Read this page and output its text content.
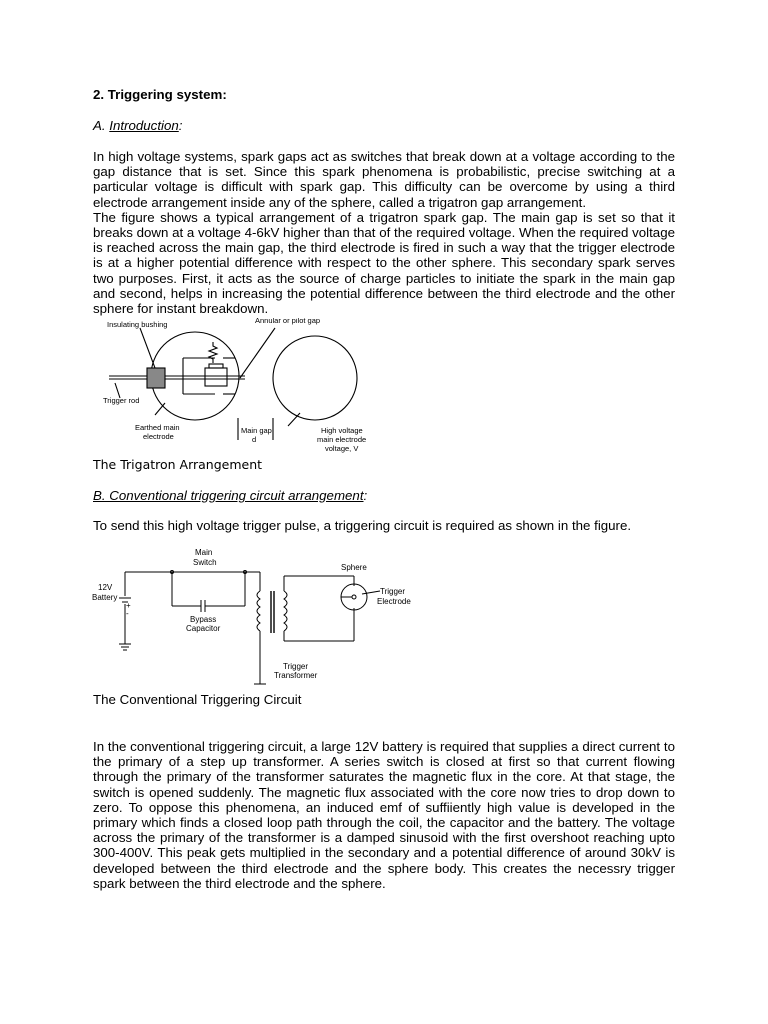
2. Triggering system:
A. Introduction:

In high voltage systems, spark gaps act as switches that break down at a voltage according to the gap distance that is set. Since this spark phenomena is probabilistic, precise switching at a particular voltage is difficult with spark gap. This difficulty can be overcome by using a third electrode arrangement inside any of the sphere, called a trigatron gap arrangement.

The figure shows a typical arrangement of a trigatron spark gap. The main gap is set so that it breaks down at a voltage 4-6kV higher than that of the required voltage. When the required voltage is reached across the main gap, the third electrode is fired in such a way that the trigger electrode is at a higher potential difference with respect to the other sphere. This secondary spark serves two purposes. First, it acts as the source of charge particles to initiate the spark in the main gap and second, helps in increasing the potential difference between the third electrode and the other sphere for instant breakdown.

Insulating bushing	Annular or pilot gap
Trigger rod
Earthed main
electrode
Main gap
d
High voltage
main electrode
voltage, V
The Trigatron Arrangement
B. Conventional triggering circuit arrangement:
To send this high voltage trigger pulse, a triggering circuit is required as shown in the figure.
Main
Switch
12V
Battery
+
-
Bypass
Capacitor
Trigger
Transformer
Sphere
Trigger
Electrode
The Conventional Triggering Circuit
In the conventional triggering circuit, a large 12V battery is required that supplies a direct current to the primary of a step up transformer. A series switch is closed at first so that current flowing through the primary of the transformer saturates the magnetic flux in the core. At that stage, the switch is opened suddenly. The magnetic flux associated with the core now tries to drop down to zero. To oppose this phenomena, an induced emf of suffiiently high value is developed in the primary which finds a closed loop path through the coil, the capacitor and the battery. The voltage across the primary of the transformer is a damped sinusoid with the first overshoot reaching upto 300-400V. This peak gets multiplied in the secondary and a potential difference of around 30kV is developed between the third electrode and the sphere body. This creates the necessry trigger spark between the third electrode and the sphere.
